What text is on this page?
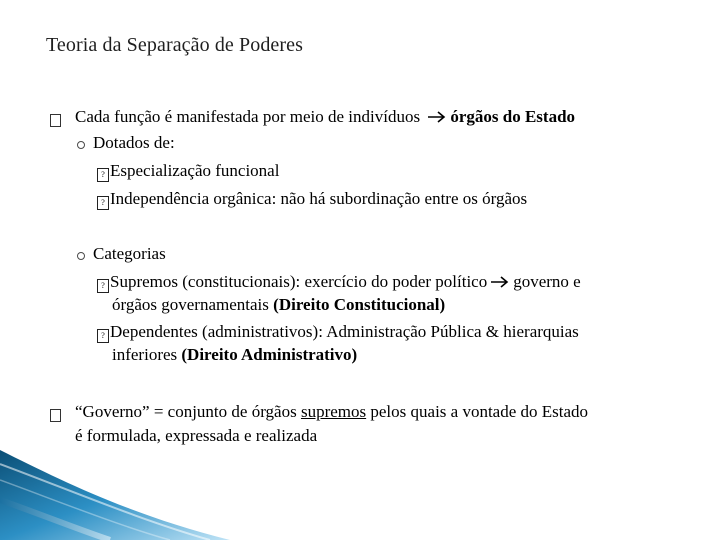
Teoria da Separação de Poderes
Cada função é manifestada por meio de indivíduos órgãos do Estado
Dotados de:
? Especialização funcional
? Independência orgânica: não há subordinação entre os órgãos
Categorias
? Supremos (constitucionais): exercício do poder político governo e
órgãos governamentais (Direito Constitucional)
? Dependentes (administrativos): Administração Pública & hierarquias
inferiores (Direito Administrativo)
“Governo” = conjunto de órgãos supremos pelos quais a vontade do Estado
é formulada, expressada e realizada
